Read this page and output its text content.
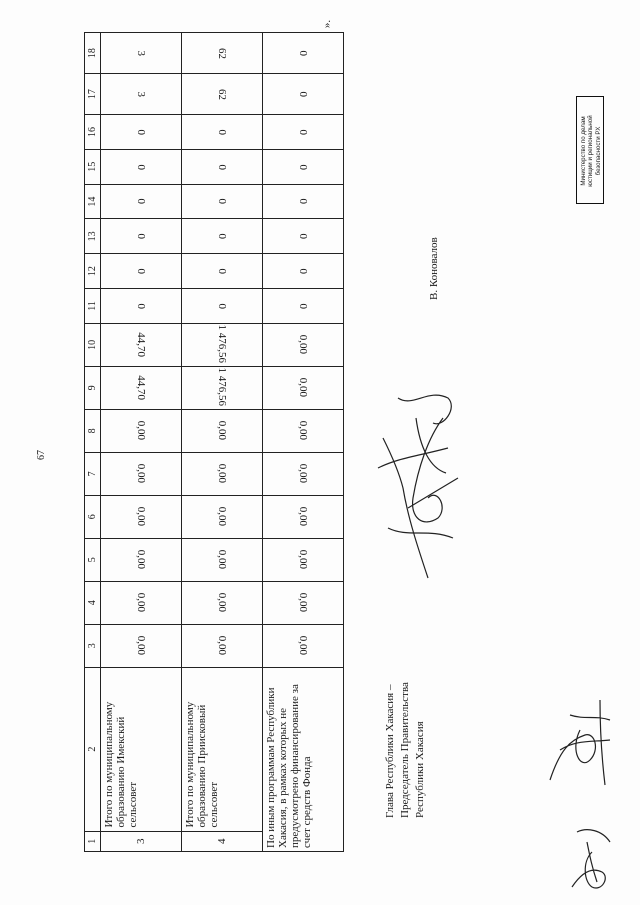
67
».
1	2	3	4	5	6	7	8	9	10	11	12	13	14	15	16	17	18
3	Итого по муниципальному образованию Имекский сельсовет	0,00	0,00	0,00	0,00	0,00	0,00	44,70	44,70	0	0	0	0	0	0	3	3
4	Итого по муниципальному образованию Приисковый сельсовет	0,00	0,00	0,00	0,00	0,00	0,00	1 476,56	1 476,56	0	0	0	0	0	0	62	62
По иным программам Республики Хакасия, в рамках которых не предусмотрено финансирование за счет средств Фонда		0,00	0,00	0,00	0,00	0,00	0,00	0,00	0,00	0	0	0	0	0	0	0	0
Глава Республики Хакасия – Председатель Правительства Республики Хакасия
В. Коновалов
Министерство по делам юстиции и региональной безопасности РХ
